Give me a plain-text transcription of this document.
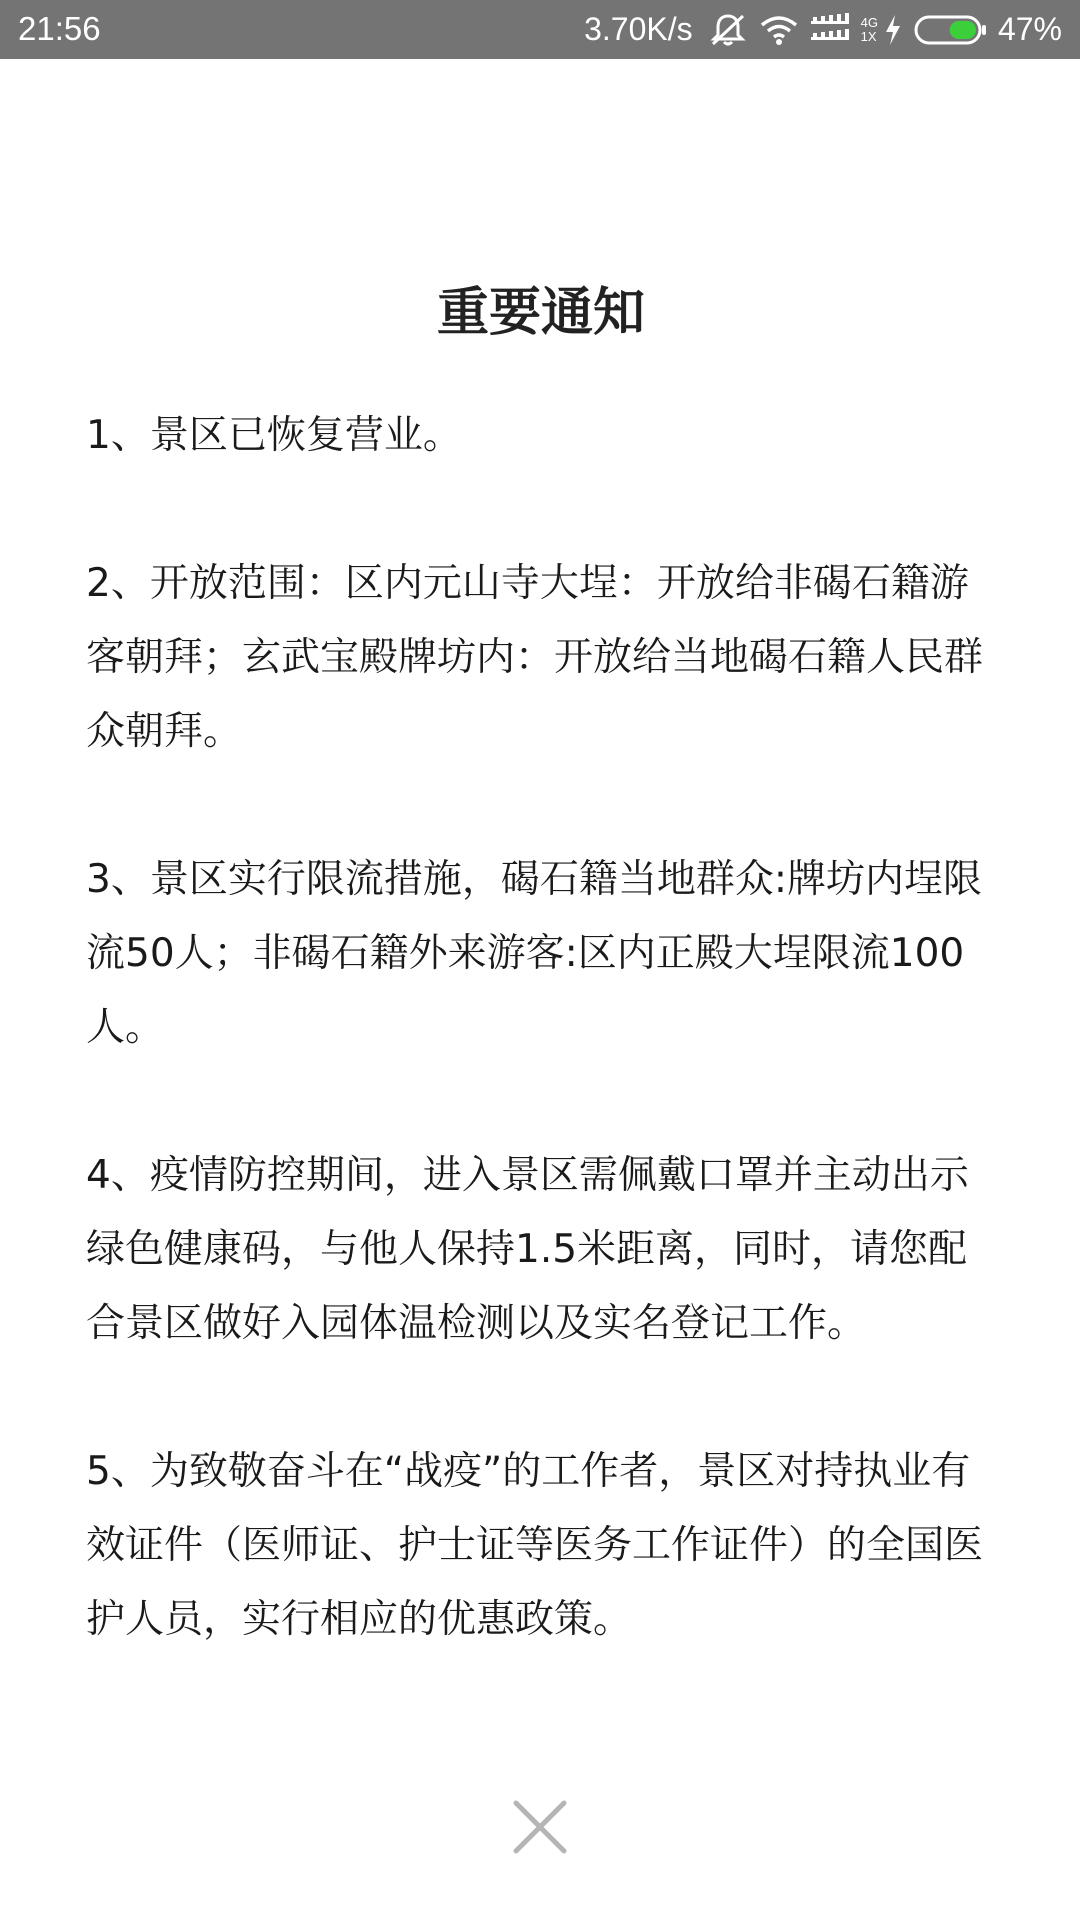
21:56	3.70K/s	4G
1X	47%
重要通知

1、景区已恢复营业。

2、开放范围：区内元山寺大埕：开放给非碣石籍游客朝拜；玄武宝殿牌坊内：开放给当地碣石籍人民群众朝拜。

3、景区实行限流措施，碣石籍当地群众:牌坊内埕限流50人；非碣石籍外来游客:区内正殿大埕限流100人。

4、疫情防控期间，进入景区需佩戴口罩并主动出示绿色健康码，与他人保持1.5米距离，同时，请您配合景区做好入园体温检测以及实名登记工作。

5、为致敬奋斗在“战疫”的工作者，景区对持执业有效证件（医师证、护士证等医务工作证件）的全国医护人员，实行相应的优惠政策。
